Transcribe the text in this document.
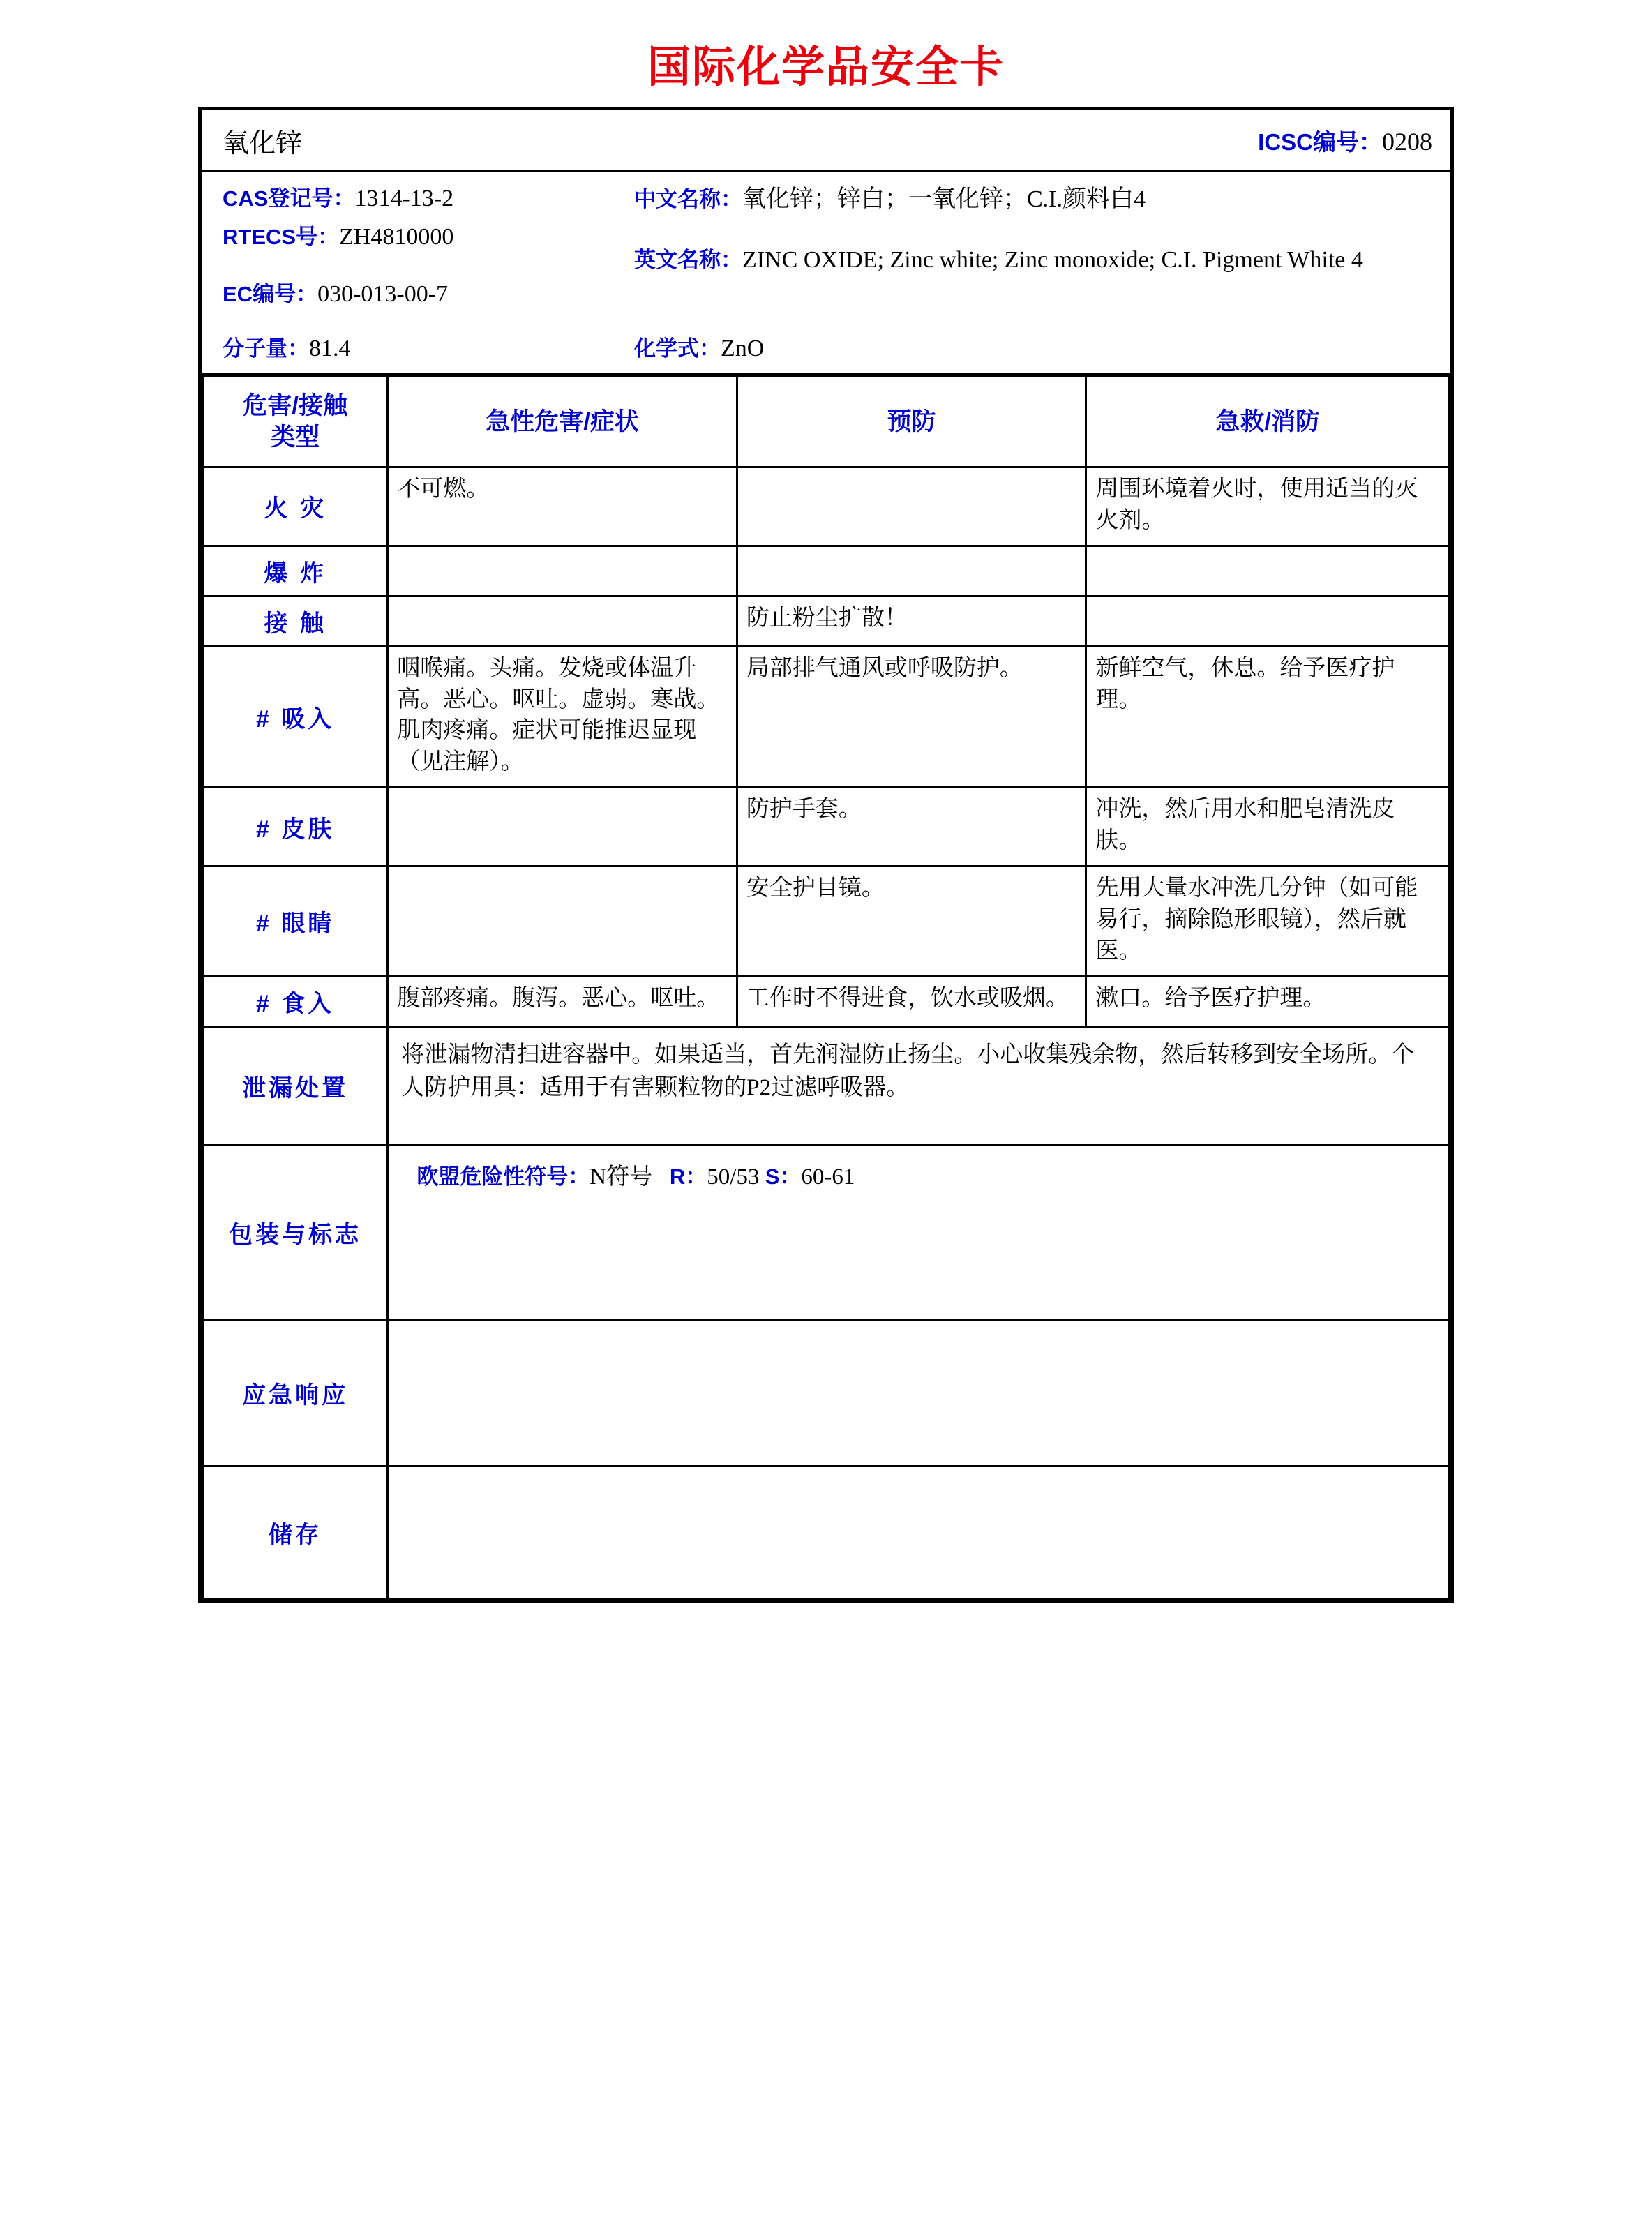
国际化学品安全卡
氧化锌	ICSC编号：0208
CAS登记号：1314-13-2
RTECS号：ZH4810000
EC编号：030-013-00-7
中文名称：氧化锌；锌白；一氧化锌；C.I.颜料白4
英文名称：ZINC OXIDE; Zinc white; Zinc monoxide; C.I. Pigment White 4
分子量：81.4	化学式：ZnO
危害/接触
类型	急性危害/症状	预防	急救/消防
火 灾	不可燃。		周围环境着火时，使用适当的灭火剂。
爆 炸			
接 触		防止粉尘扩散！	
# 吸入	咽喉痛。头痛。发烧或体温升高。恶心。呕吐。虚弱。寒战。肌肉疼痛。症状可能推迟显现（见注解）。	局部排气通风或呼吸防护。	新鲜空气，休息。给予医疗护理。
# 皮肤		防护手套。	冲洗，然后用水和肥皂清洗皮肤。
# 眼睛		安全护目镜。	先用大量水冲洗几分钟（如可能易行，摘除隐形眼镜），然后就医。
# 食入	腹部疼痛。腹泻。恶心。呕吐。	工作时不得进食，饮水或吸烟。	漱口。给予医疗护理。
泄漏处置	将泄漏物清扫进容器中。如果适当，首先润湿防止扬尘。小心收集残余物，然后转移到安全场所。个人防护用具：适用于有害颗粒物的P2过滤呼吸器。		
包装与标志	欧盟危险性符号：N符号 R：50/53 S：60-61		
应急响应			
储存			
